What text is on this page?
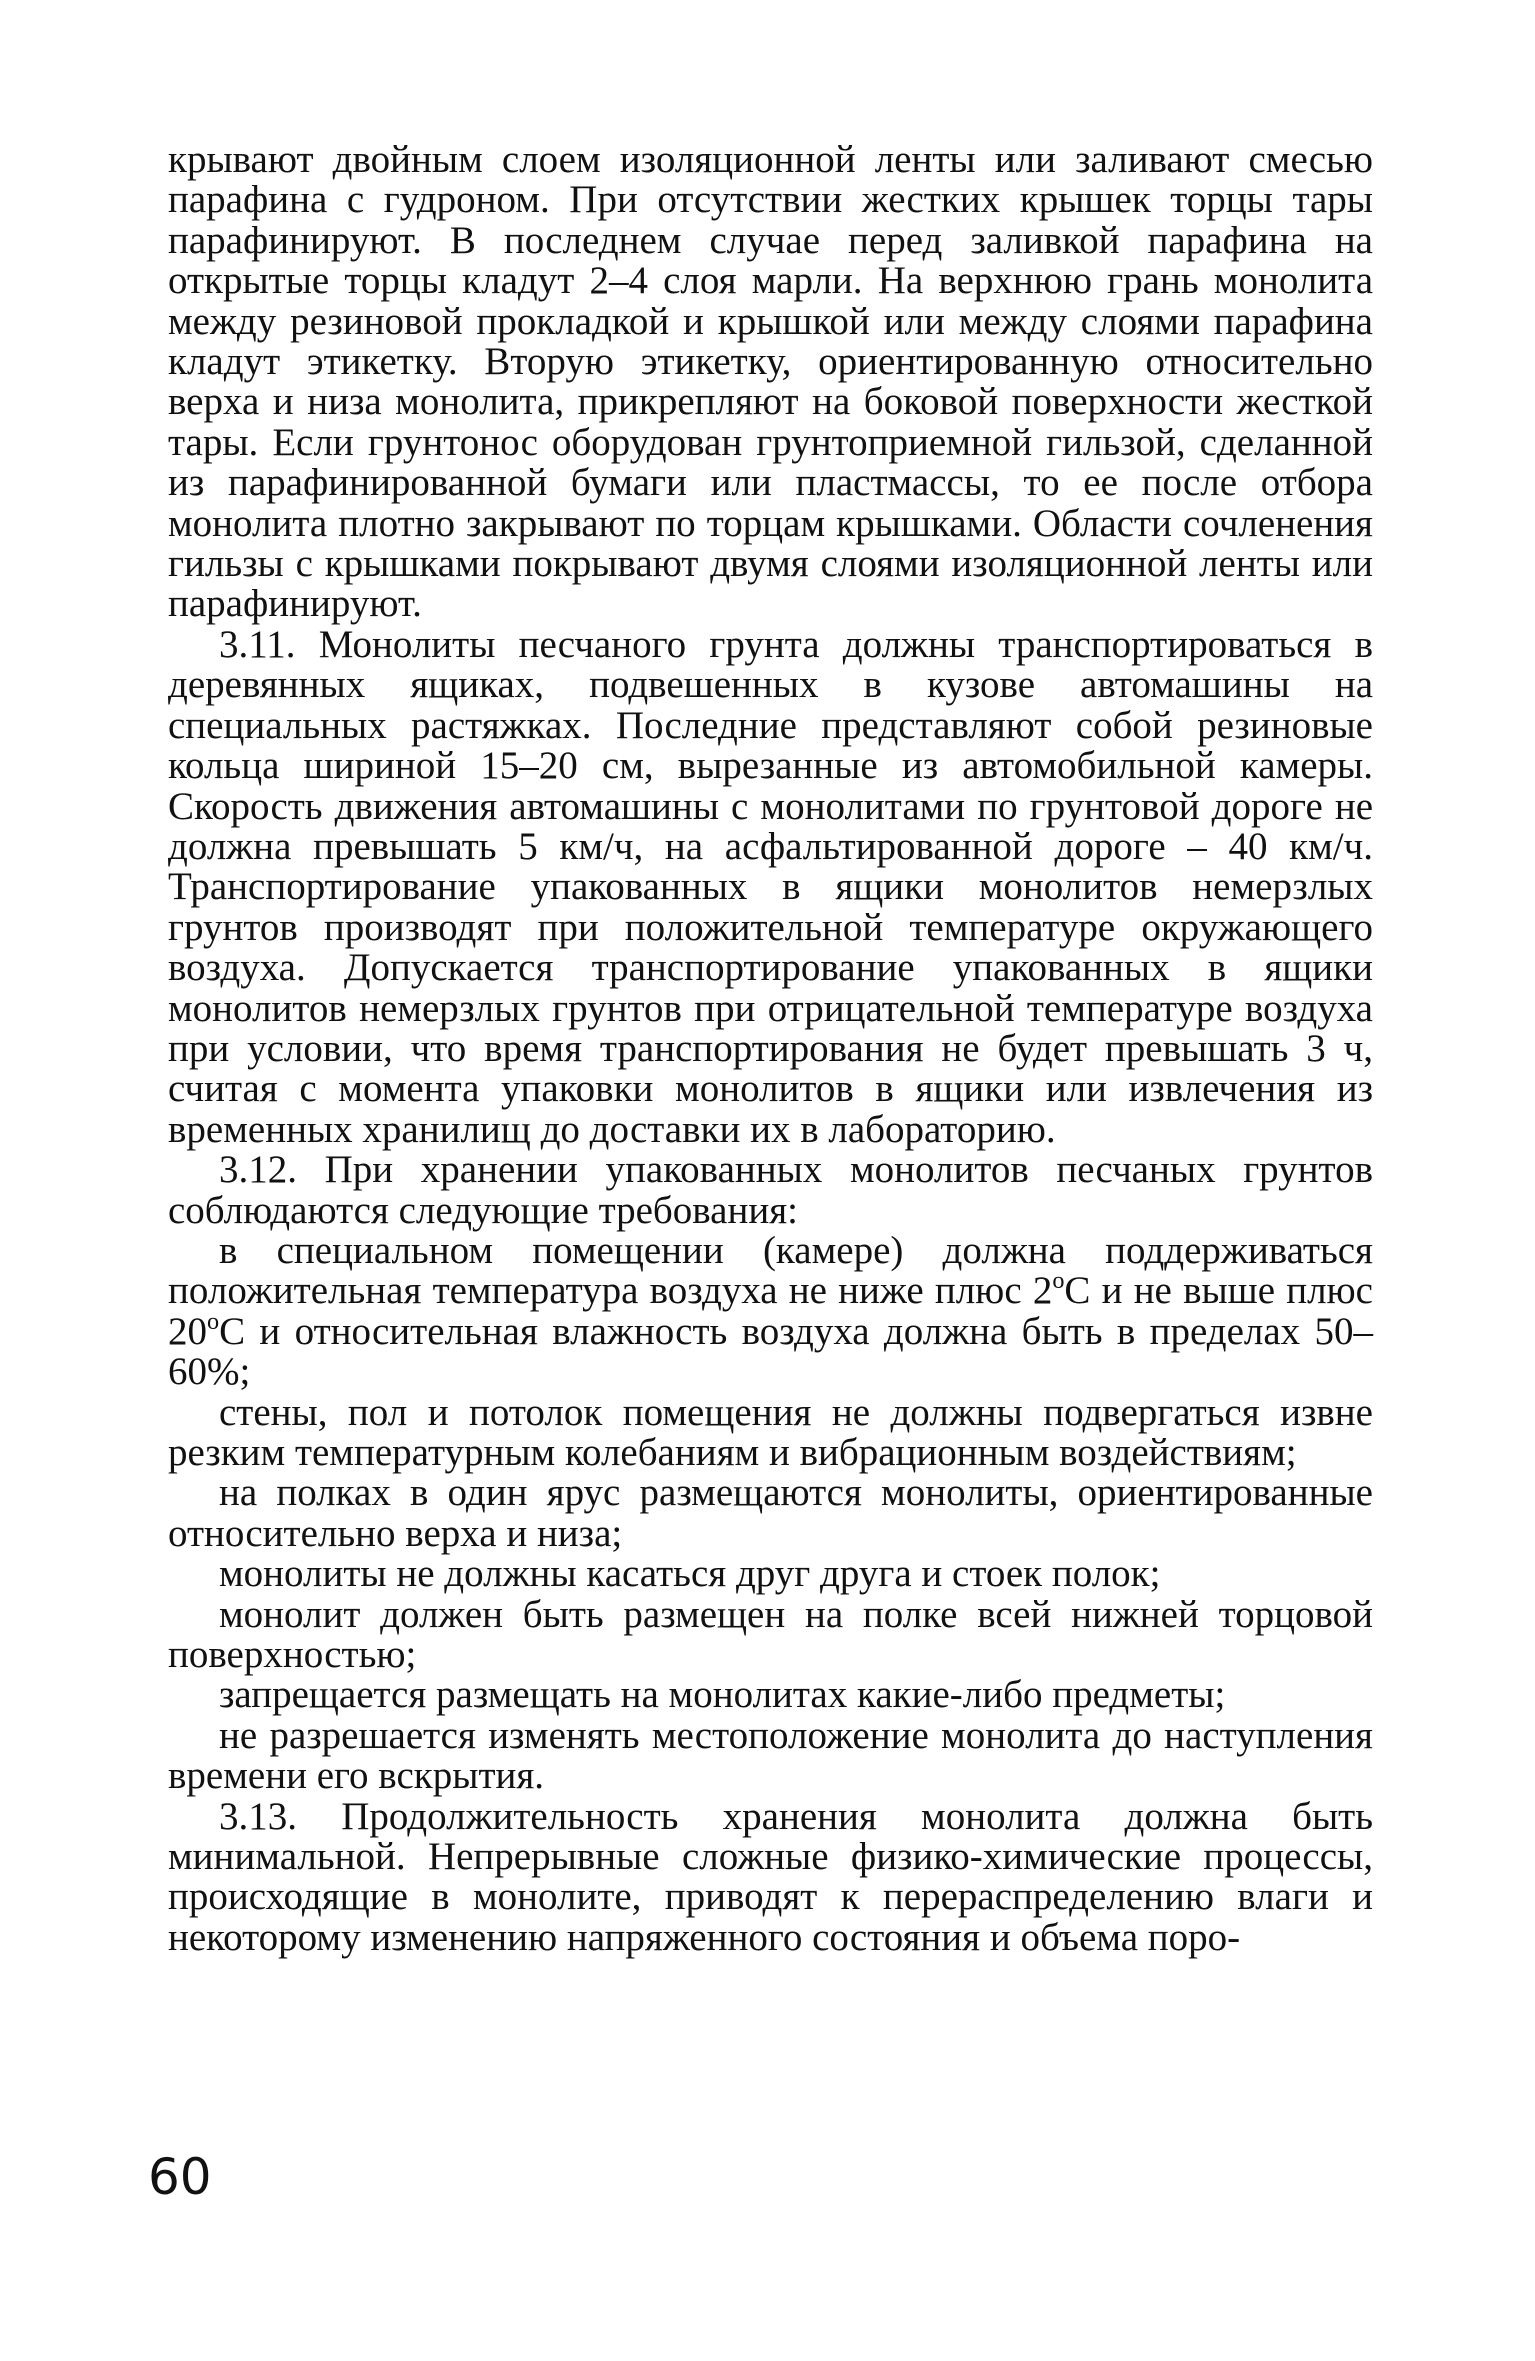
крывают двойным слоем изоляционной ленты или заливают смесью парафина с гудроном. При отсутствии жестких крышек торцы тары парафинируют. В последнем случае перед заливкой парафина на открытые торцы кладут 2–4 слоя марли. На верхнюю грань монолита между резиновой прокладкой и крышкой или между слоями парафина кладут этикетку. Вторую этикетку, ориентированную относительно верха и низа монолита, прикрепляют на боковой поверхности жесткой тары. Если грунтонос оборудован грунтоприемной гильзой, сделанной из парафинированной бумаги или пластмассы, то ее после отбора монолита плотно закрывают по торцам крышками. Области сочленения гильзы с крышками покрывают двумя слоями изоляционной ленты или парафинируют.

3.11. Монолиты песчаного грунта должны транспортироваться в деревянных ящиках, подвешенных в кузове автомашины на специальных растяжках. Последние представляют собой резиновые кольца шириной 15–20 см, вырезанные из автомобильной камеры. Скорость движения автомашины с монолитами по грунтовой дороге не должна превышать 5 км/ч, на асфальтированной дороге – 40 км/ч. Транспортирование упакованных в ящики монолитов немерзлых грунтов производят при положительной температуре окружающего воздуха. Допускается транспортирование упакованных в ящики монолитов немерзлых грунтов при отрицательной температуре воздуха при условии, что время транспортирования не будет превышать 3 ч, считая с момента упаковки монолитов в ящики или извлечения из временных хранилищ до доставки их в лабораторию.

3.12. При хранении упакованных монолитов песчаных грунтов соблюдаются следующие требования:

в специальном помещении (камере) должна поддерживаться положительная температура воздуха не ниже плюс $2^оС$ и не выше плюс $20^оС$ и относительная влажность воздуха должна быть в пределах 50–60%;

стены, пол и потолок помещения не должны подвергаться извне резким температурным колебаниям и вибрационным воздействиям;

на полках в один ярус размещаются монолиты, ориентированные относительно верха и низа;

монолиты не должны касаться друг друга и стоек полок;

монолит должен быть размещен на полке всей нижней торцовой поверхностью;

запрещается размещать на монолитах какие-либо предметы;

не разрешается изменять местоположение монолита до наступления времени его вскрытия.

3.13. Продолжительность хранения монолита должна быть минимальной. Непрерывные сложные физико-химические процессы, происходящие в монолите, приводят к перераспределению влаги и некоторому изменению напряженного состояния и объема поро-

60
